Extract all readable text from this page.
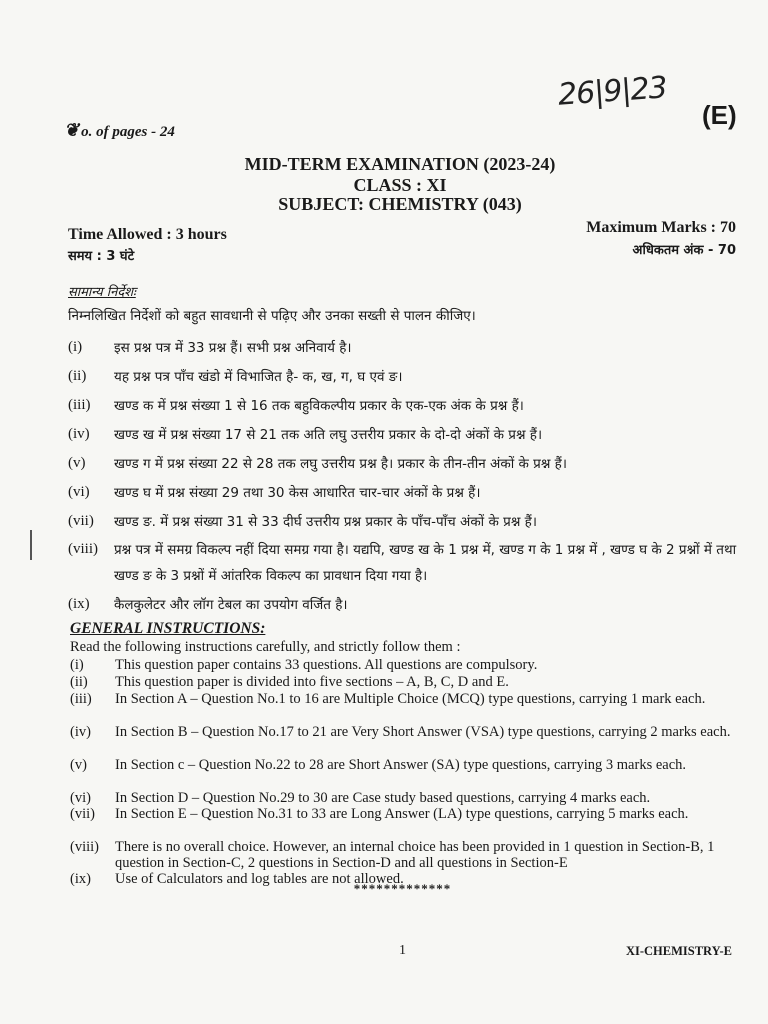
26|9|23
(E)
❦ o. of pages - 24
MID-TERM EXAMINATION (2023-24)
CLASS : XI
SUBJECT: CHEMISTRY (043)
Time Allowed : 3 hours
समय : 3 घंटे
Maximum Marks : 70
अधिकतम अंक - 70
सामान्य निर्देशः
निम्नलिखित निर्देशों को बहुत सावधानी से पढ़िए और उनका सख्ती से पालन कीजिए।
(i)	इस प्रश्न पत्र में 33 प्रश्न हैं। सभी प्रश्न अनिवार्य है।
(ii)	यह प्रश्न पत्र पाँच खंडो में विभाजित है- क, ख, ग, घ एवं ङ।
(iii)	खण्ड क में प्रश्न संख्या 1 से 16 तक बहुविकल्पीय प्रकार के एक-एक अंक के प्रश्न हैं।
(iv)	खण्ड ख में प्रश्न संख्या 17 से 21 तक अति लघु उत्तरीय प्रकार के दो-दो अंकों के प्रश्न हैं।
(v)	खण्ड ग में प्रश्न संख्या 22 से 28 तक लघु उत्तरीय प्रश्न है। प्रकार के तीन-तीन अंकों के प्रश्न हैं।
(vi)	खण्ड घ में प्रश्न संख्या 29 तथा 30 केस आधारित चार-चार अंकों के प्रश्न हैं।
(vii)	खण्ड ङ. में प्रश्न संख्या 31 से 33 दीर्घ उत्तरीय प्रश्न प्रकार के पाँच-पाँच अंकों के प्रश्न हैं।
(viii)	प्रश्न पत्र में समग्र विकल्प नहीं दिया समग्र गया है। यद्यपि, खण्ड ख के 1 प्रश्न में, खण्ड ग के 1 प्रश्न में , खण्ड घ के 2 प्रश्नों में तथा खण्ड ङ के 3 प्रश्नों में आंतरिक विकल्प का प्रावधान दिया गया है।
(ix)	कैलकुलेटर और लॉग टेबल का उपयोग वर्जित है।
GENERAL INSTRUCTIONS:
Read the following instructions carefully, and strictly follow them :
(i)	This question paper contains 33 questions. All questions are compulsory.
(ii)	This question paper is divided into five sections – A, B, C, D and E.
(iii)	In Section A – Question No.1 to 16 are Multiple Choice (MCQ) type questions, carrying 1 mark each.
(iv)	In Section B – Question No.17 to 21 are Very Short Answer (VSA) type questions, carrying 2 marks each.
(v)	In Section c – Question No.22 to 28 are Short Answer (SA) type questions, carrying 3 marks each.
(vi)	In Section D – Question No.29 to 30 are Case study based questions, carrying 4 marks each.
(vii)	In Section E – Question No.31 to 33 are Long Answer (LA) type questions, carrying 5 marks each.
(viii)	There is no overall choice. However, an internal choice has been provided in 1 question in Section-B, 1 question in Section-C, 2 questions in Section-D and all questions in Section-E
(ix)	Use of Calculators and log tables are not allowed.
*************
1	XI-CHEMISTRY-E
